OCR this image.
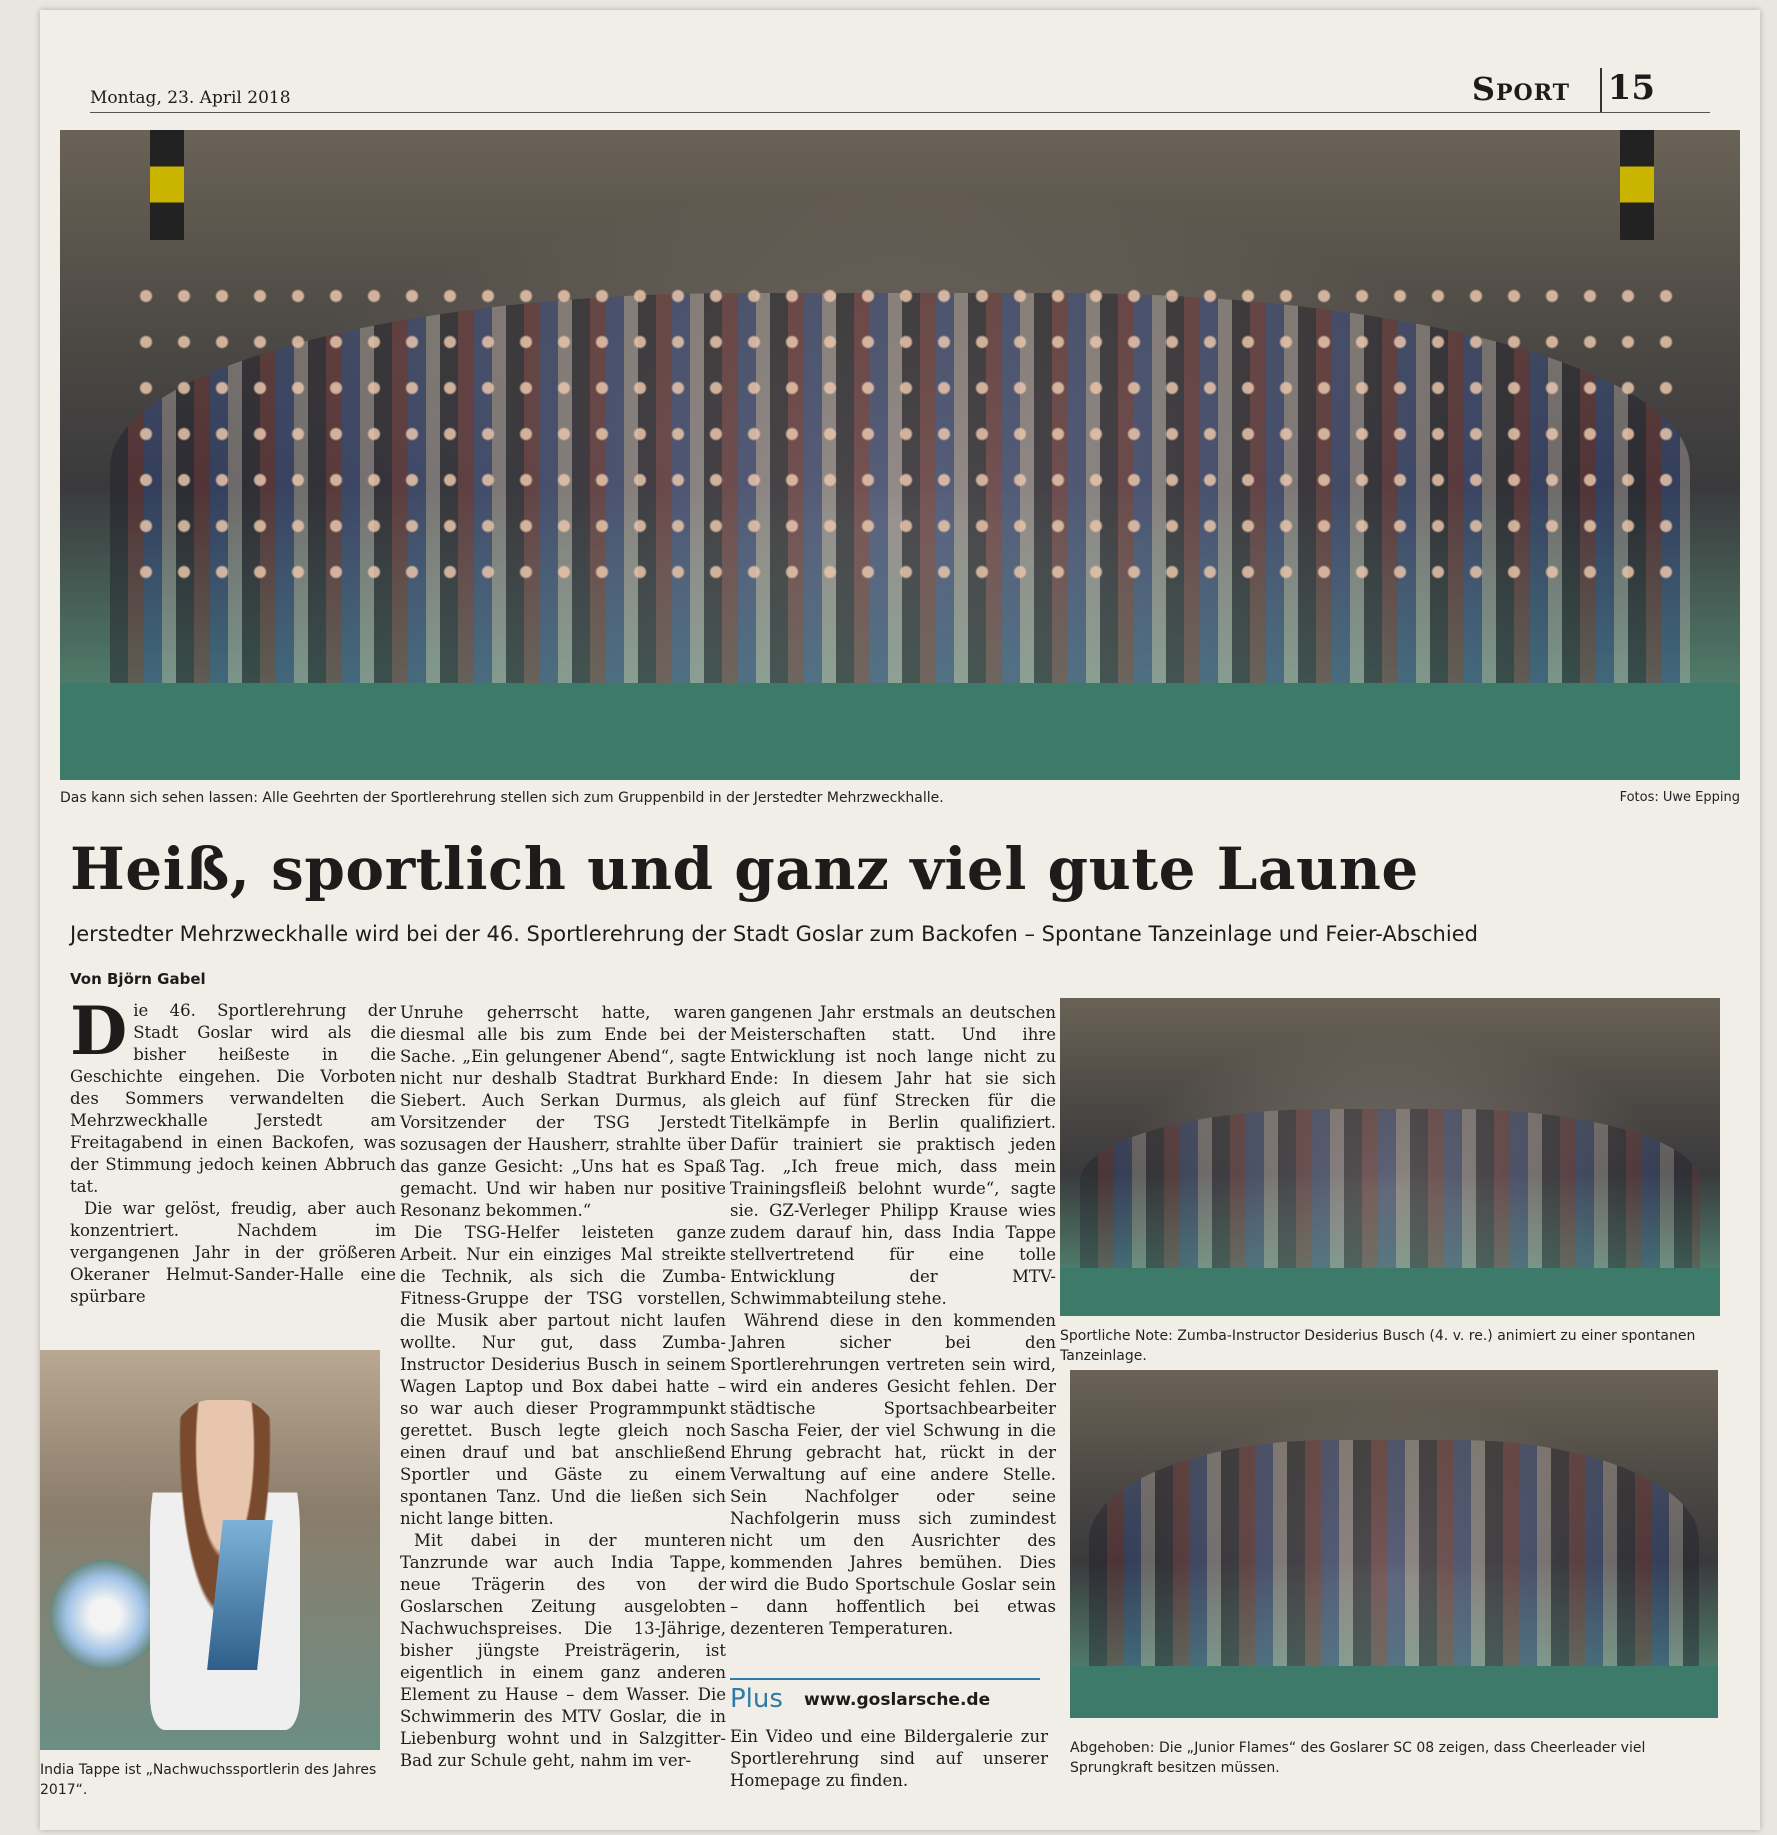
Montag, 23. April 2018	Sport 15
Das kann sich sehen lassen: Alle Geehrten der Sportlerehrung stellen sich zum Gruppenbild in der Jerstedter Mehrzweckhalle.	Fotos: Uwe Epping
Heiß, sportlich und ganz viel gute Laune
Jerstedter Mehrzweckhalle wird bei der 46. Sportlerehrung der Stadt Goslar zum Backofen – Spontane Tanzeinlage und Feier-Abschied
Von Björn Gabel

Die 46. Sportlerehrung der Stadt Goslar wird als die bisher heißeste in die Geschichte eingehen. Die Vorboten des Sommers verwandelten die Mehrzweckhalle Jerstedt am Freitagabend in einen Backofen, was der Stimmung jedoch keinen Abbruch tat.

Die war gelöst, freudig, aber auch konzentriert. Nachdem im vergangenen Jahr in der größeren Okeraner Helmut-Sander-Halle eine spürbare

Unruhe geherrscht hatte, waren diesmal alle bis zum Ende bei der Sache. „Ein gelungener Abend“, sagte nicht nur deshalb Stadtrat Burkhard Siebert. Auch Serkan Durmus, als Vorsitzender der TSG Jerstedt sozusagen der Hausherr, strahlte über das ganze Gesicht: „Uns hat es Spaß gemacht. Und wir haben nur positive Resonanz bekommen.“

Die TSG-Helfer leisteten ganze Arbeit. Nur ein einziges Mal streikte die Technik, als sich die Zumba-Fitness-Gruppe der TSG vorstellen, die Musik aber partout nicht laufen wollte. Nur gut, dass Zumba-Instructor Desiderius Busch in seinem Wagen Laptop und Box dabei hatte – so war auch dieser Programmpunkt gerettet. Busch legte gleich noch einen drauf und bat anschließend Sportler und Gäste zu einem spontanen Tanz. Und die ließen sich nicht lange bitten.

Mit dabei in der munteren Tanzrunde war auch India Tappe, neue Trägerin des von der Goslarschen Zeitung ausgelobten Nachwuchspreises. Die 13-Jährige, bisher jüngste Preisträgerin, ist eigentlich in einem ganz anderen Element zu Hause – dem Wasser. Die Schwimmerin des MTV Goslar, die in Liebenburg wohnt und in Salzgitter-Bad zur Schule geht, nahm im ver-

gangenen Jahr erstmals an deutschen Meisterschaften statt. Und ihre Entwicklung ist noch lange nicht zu Ende: In diesem Jahr hat sie sich gleich auf fünf Strecken für die Titelkämpfe in Berlin qualifiziert. Dafür trainiert sie praktisch jeden Tag. „Ich freue mich, dass mein Trainingsfleiß belohnt wurde“, sagte sie. GZ-Verleger Philipp Krause wies zudem darauf hin, dass India Tappe stellvertretend für eine tolle Entwicklung der MTV-Schwimmabteilung stehe.

Während diese in den kommenden Jahren sicher bei den Sportlerehrungen vertreten sein wird, wird ein anderes Gesicht fehlen. Der städtische Sportsachbearbeiter Sascha Feier, der viel Schwung in die Ehrung gebracht hat, rückt in der Verwaltung auf eine andere Stelle. Sein Nachfolger oder seine Nachfolgerin muss sich zumindest nicht um den Ausrichter des kommenden Jahres bemühen. Dies wird die Budo Sportschule Goslar sein – dann hoffentlich bei etwas dezenteren Temperaturen.

Plus www.goslarsche.de
Ein Video und eine Bildergalerie zur Sportlerehrung sind auf unserer Homepage zu finden.
India Tappe ist „Nachwuchssportlerin des Jahres 2017“.
Sportliche Note: Zumba-Instructor Desiderius Busch (4. v. re.) animiert zu einer spontanen Tanzeinlage.
Abgehoben: Die „Junior Flames“ des Goslarer SC 08 zeigen, dass Cheerleader viel Sprungkraft besitzen müssen.
